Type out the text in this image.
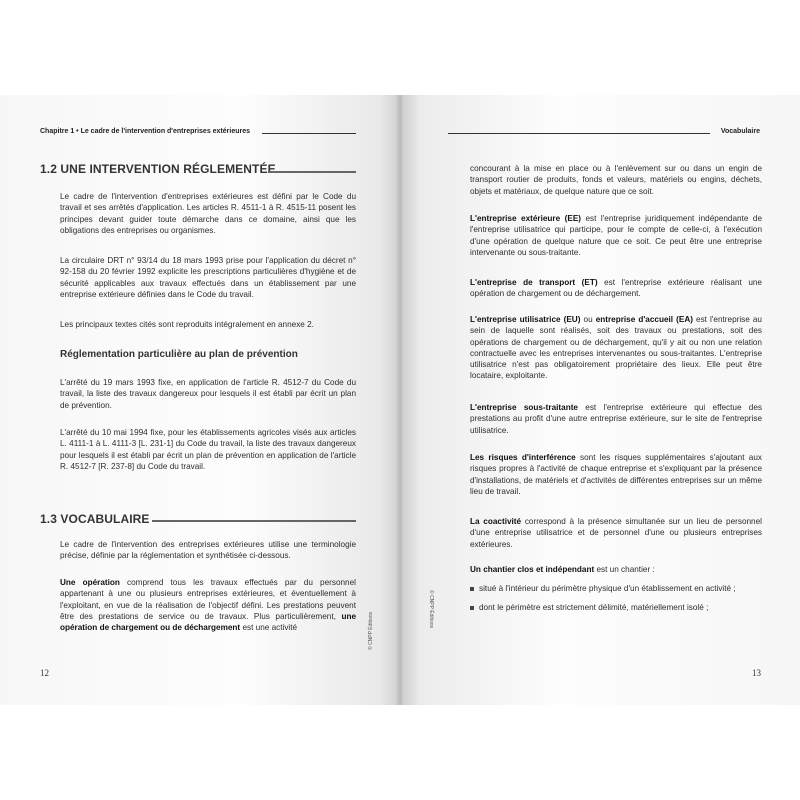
Chapitre 1 • Le cadre de l'intervention d'entreprises extérieures
1.2 UNE INTERVENTION RÉGLEMENTÉE
Le cadre de l'intervention d'entreprises extérieures est défini par le Code du travail et ses arrêtés d'application. Les articles R. 4511-1 à R. 4515-11 posent les principes devant guider toute démarche dans ce domaine, ainsi que les obligations des entreprises ou organismes.
La circulaire DRT n° 93/14 du 18 mars 1993 prise pour l'application du décret n° 92-158 du 20 février 1992 explicite les prescriptions particulières d'hygiène et de sécurité applicables aux travaux effectués dans un établissement par une entreprise extérieure définies dans le Code du travail.
Les principaux textes cités sont reproduits intégralement en annexe 2.
Réglementation particulière au plan de prévention
L'arrêté du 19 mars 1993 fixe, en application de l'article R. 4512-7 du Code du travail, la liste des travaux dangereux pour lesquels il est établi par écrit un plan de prévention.
L'arrêté du 10 mai 1994 fixe, pour les établissements agricoles visés aux articles L. 4111-1 à L. 4111-3 [L. 231-1] du Code du travail, la liste des travaux dangereux pour lesquels il est établi par écrit un plan de prévention en application de l'article R. 4512-7 [R. 237-8] du Code du travail.
1.3 VOCABULAIRE
Le cadre de l'intervention des entreprises extérieures utilise une terminologie précise, définie par la réglementation et synthétisée ci-dessous.
Une opération comprend tous les travaux effectués par du personnel appartenant à une ou plusieurs entreprises extérieures, et éventuellement à l'exploitant, en vue de la réalisation de l'objectif défini. Les prestations peuvent être des prestations de service ou de travaux. Plus particulièrement, une opération de chargement ou de déchargement est une activité	© CNPP Éditions
12
Vocabulaire
concourant à la mise en place ou à l'enlèvement sur ou dans un engin de transport routier de produits, fonds et valeurs, matériels ou engins, déchets, objets et matériaux, de quelque nature que ce soit.
L'entreprise extérieure (EE) est l'entreprise juridiquement indépendante de l'entreprise utilisatrice qui participe, pour le compte de celle-ci, à l'exécution d'une opération de quelque nature que ce soit. Ce peut être une entreprise intervenante ou sous-traitante.
L'entreprise de transport (ET) est l'entreprise extérieure réalisant une opération de chargement ou de déchargement.
L'entreprise utilisatrice (EU) ou entreprise d'accueil (EA) est l'entreprise au sein de laquelle sont réalisés, soit des travaux ou prestations, soit des opérations de chargement ou de déchargement, qu'il y ait ou non une relation contractuelle avec les entreprises intervenantes ou sous-traitantes. L'entreprise utilisatrice n'est pas obligatoirement propriétaire des lieux. Elle peut être locataire, exploitante.
L'entreprise sous-traitante est l'entreprise extérieure qui effectue des prestations au profit d'une autre entreprise extérieure, sur le site de l'entreprise utilisatrice.
Les risques d'interférence sont les risques supplémentaires s'ajoutant aux risques propres à l'activité de chaque entreprise et s'expliquant par la présence d'installations, de matériels et d'activités de différentes entreprises sur un même lieu de travail.
La coactivité correspond à la présence simultanée sur un lieu de personnel d'une entreprise utilisatrice et de personnel d'une ou plusieurs entreprises extérieures.
Un chantier clos et indépendant est un chantier :
situé à l'intérieur du périmètre physique d'un établissement en activité ;
dont le périmètre est strictement délimité, matériellement isolé ;
© CNPP Éditions
13
